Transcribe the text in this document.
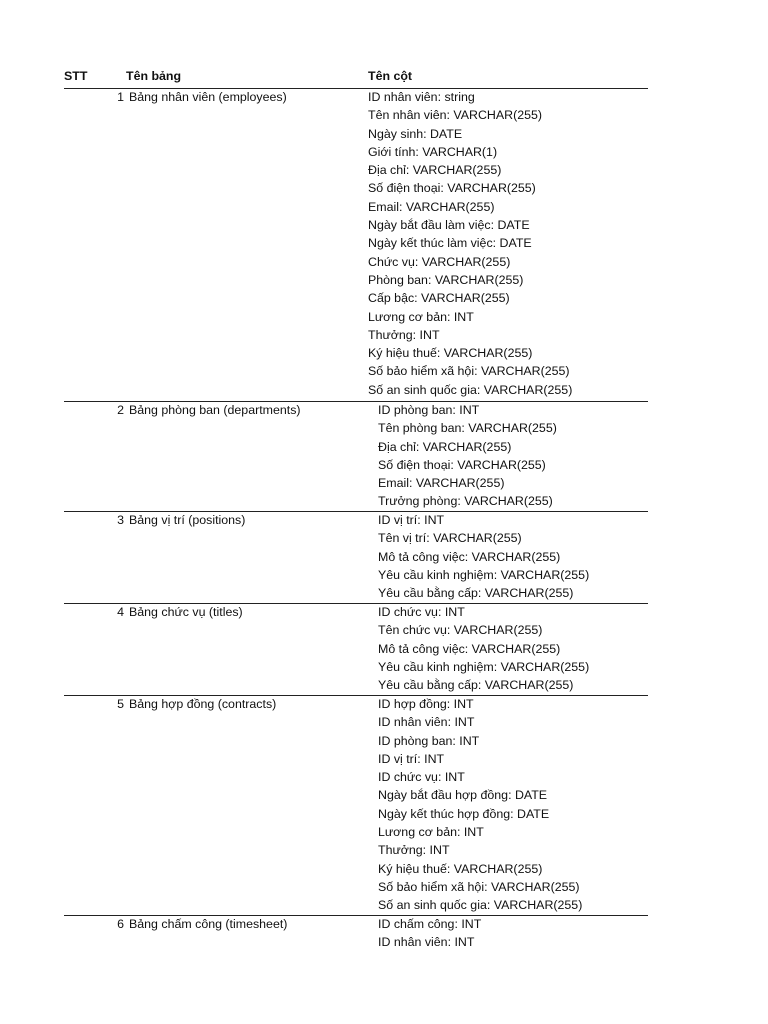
STT	Tên bảng	Tên cột
1 Bảng nhân viên (employees)	ID nhân viên: string
Tên nhân viên: VARCHAR(255)
Ngày sinh: DATE
Giới tính: VARCHAR(1)
Địa chỉ: VARCHAR(255)
Số điện thoại: VARCHAR(255)
Email: VARCHAR(255)
Ngày bắt đầu làm việc: DATE
Ngày kết thúc làm việc: DATE
Chức vụ: VARCHAR(255)
Phòng ban: VARCHAR(255)
Cấp bậc: VARCHAR(255)
Lương cơ bản: INT
Thưởng: INT
Ký hiệu thuế: VARCHAR(255)
Số bảo hiểm xã hội: VARCHAR(255)
Số an sinh quốc gia: VARCHAR(255)
2 Bảng phòng ban (departments)	ID phòng ban: INT
Tên phòng ban: VARCHAR(255)
Địa chỉ: VARCHAR(255)
Số điện thoại: VARCHAR(255)
Email: VARCHAR(255)
Trưởng phòng: VARCHAR(255)
3 Bảng vị trí (positions)	ID vị trí: INT
Tên vị trí: VARCHAR(255)
Mô tả công việc: VARCHAR(255)
Yêu cầu kinh nghiệm: VARCHAR(255)
Yêu cầu bằng cấp: VARCHAR(255)
4 Bảng chức vụ (titles)	ID chức vụ: INT
Tên chức vụ: VARCHAR(255)
Mô tả công việc: VARCHAR(255)
Yêu cầu kinh nghiệm: VARCHAR(255)
Yêu cầu bằng cấp: VARCHAR(255)
5 Bảng hợp đồng (contracts)	ID hợp đồng: INT
ID nhân viên: INT
ID phòng ban: INT
ID vị trí: INT
ID chức vụ: INT
Ngày bắt đầu hợp đồng: DATE
Ngày kết thúc hợp đồng: DATE
Lương cơ bản: INT
Thưởng: INT
Ký hiệu thuế: VARCHAR(255)
Số bảo hiểm xã hội: VARCHAR(255)
Số an sinh quốc gia: VARCHAR(255)
6 Bảng chấm công (timesheet)	ID chấm công: INT
ID nhân viên: INT
